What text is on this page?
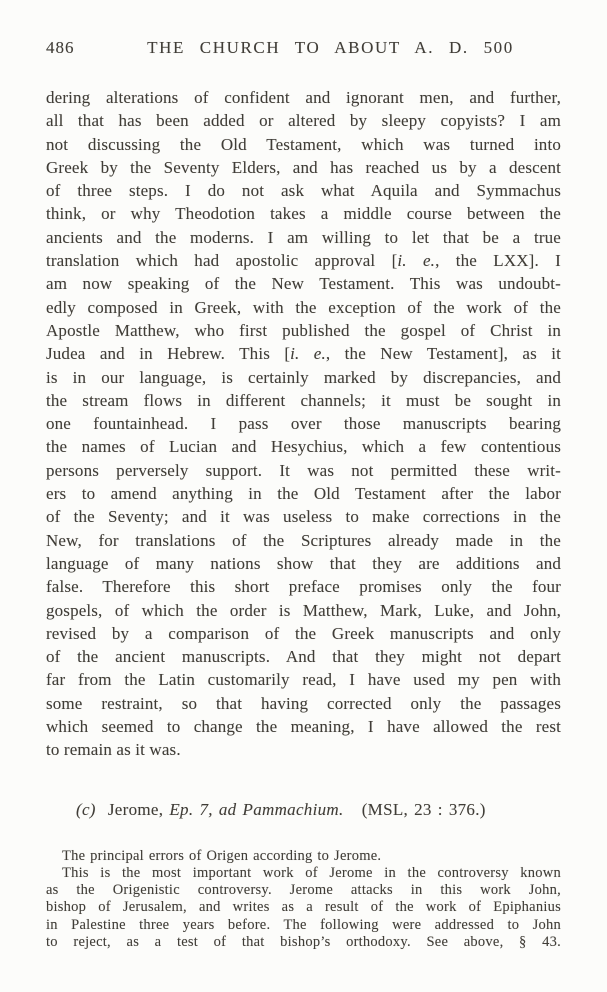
486	THE CHURCH TO ABOUT A. D. 500
dering alterations of confident and ignorant men, and further,
all that has been added or altered by sleepy copyists? I am
not discussing the Old Testament, which was turned into
Greek by the Seventy Elders, and has reached us by a descent
of three steps. I do not ask what Aquila and Symmachus
think, or why Theodotion takes a middle course between the
ancients and the moderns. I am willing to let that be a true
translation which had apostolic approval [i. e., the LXX]. I
am now speaking of the New Testament. This was undoubt-
edly composed in Greek, with the exception of the work of the
Apostle Matthew, who first published the gospel of Christ in
Judea and in Hebrew. This [i. e., the New Testament], as it
is in our language, is certainly marked by discrepancies, and
the stream flows in different channels; it must be sought in
one fountainhead. I pass over those manuscripts bearing
the names of Lucian and Hesychius, which a few contentious
persons perversely support. It was not permitted these writ-
ers to amend anything in the Old Testament after the labor
of the Seventy; and it was useless to make corrections in the
New, for translations of the Scriptures already made in the
language of many nations show that they are additions and
false. Therefore this short preface promises only the four
gospels, of which the order is Matthew, Mark, Luke, and John,
revised by a comparison of the Greek manuscripts and only
of the ancient manuscripts. And that they might not depart
far from the Latin customarily read, I have used my pen with
some restraint, so that having corrected only the passages
which seemed to change the meaning, I have allowed the rest
to remain as it was.
(c)  Jerome, Ep. 7, ad Pammachium.   (MSL, 23 : 376.)
The principal errors of Origen according to Jerome.
This is the most important work of Jerome in the controversy known
as the Origenistic controversy. Jerome attacks in this work John,
bishop of Jerusalem, and writes as a result of the work of Epiphanius
in Palestine three years before. The following were addressed to John
to reject, as a test of that bishop’s orthodoxy. See above, § 43.
